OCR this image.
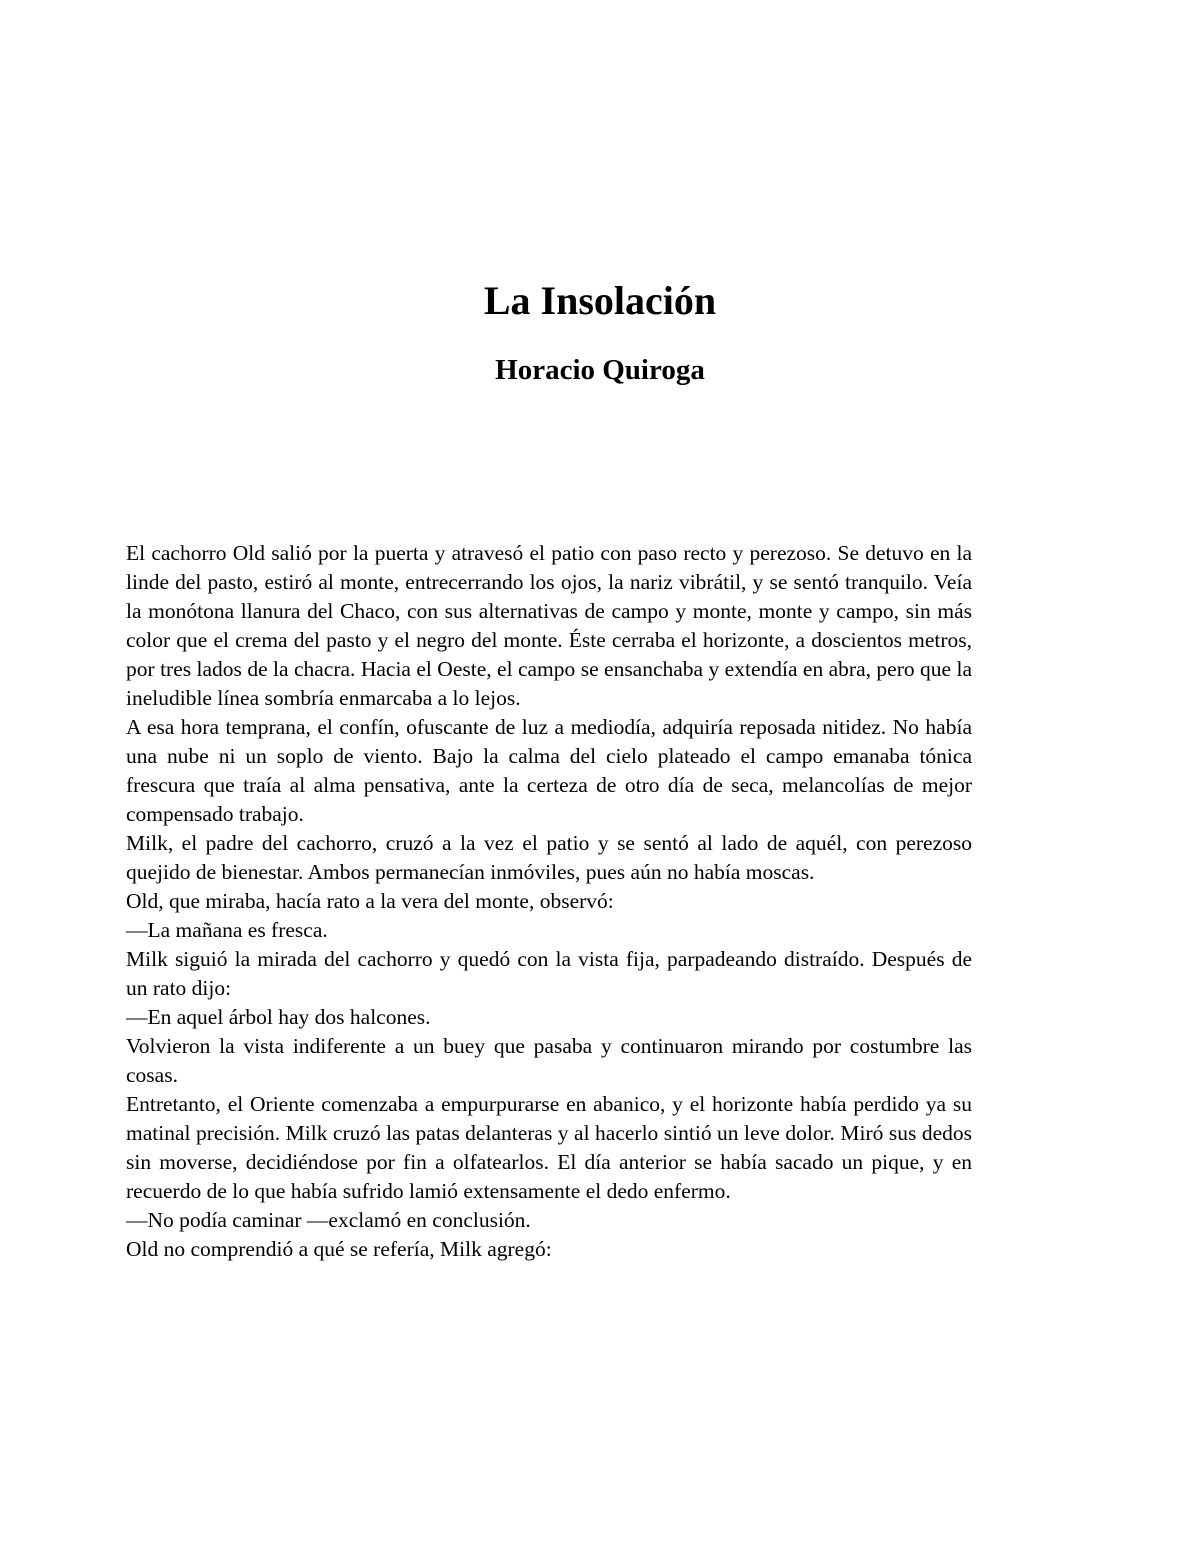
La Insolación
Horacio Quiroga

El cachorro Old salió por la puerta y atravesó el patio con paso recto y perezoso. Se detuvo en la linde del pasto, estiró al monte, entrecerrando los ojos, la nariz vibrátil, y se sentó tranquilo. Veía la monótona llanura del Chaco, con sus alternativas de campo y monte, monte y campo, sin más color que el crema del pasto y el negro del monte. Éste cerraba el horizonte, a doscientos metros, por tres lados de la chacra. Hacia el Oeste, el campo se ensanchaba y extendía en abra, pero que la ineludible línea sombría enmarcaba a lo lejos.

A esa hora temprana, el confín, ofuscante de luz a mediodía, adquiría reposada nitidez. No había una nube ni un soplo de viento. Bajo la calma del cielo plateado el campo emanaba tónica frescura que traía al alma pensativa, ante la certeza de otro día de seca, melancolías de mejor compensado trabajo.

Milk, el padre del cachorro, cruzó a la vez el patio y se sentó al lado de aquél, con perezoso quejido de bienestar. Ambos permanecían inmóviles, pues aún no había moscas.

Old, que miraba, hacía rato a la vera del monte, observó:

—La mañana es fresca.

Milk siguió la mirada del cachorro y quedó con la vista fija, parpadeando distraído. Después de un rato dijo:

—En aquel árbol hay dos halcones.

Volvieron la vista indiferente a un buey que pasaba y continuaron mirando por costumbre las cosas.

Entretanto, el Oriente comenzaba a empurpurarse en abanico, y el horizonte había perdido ya su matinal precisión. Milk cruzó las patas delanteras y al hacerlo sintió un leve dolor. Miró sus dedos sin moverse, decidiéndose por fin a olfatearlos. El día anterior se había sacado un pique, y en recuerdo de lo que había sufrido lamió extensamente el dedo enfermo.

—No podía caminar —exclamó en conclusión.

Old no comprendió a qué se refería, Milk agregó:
